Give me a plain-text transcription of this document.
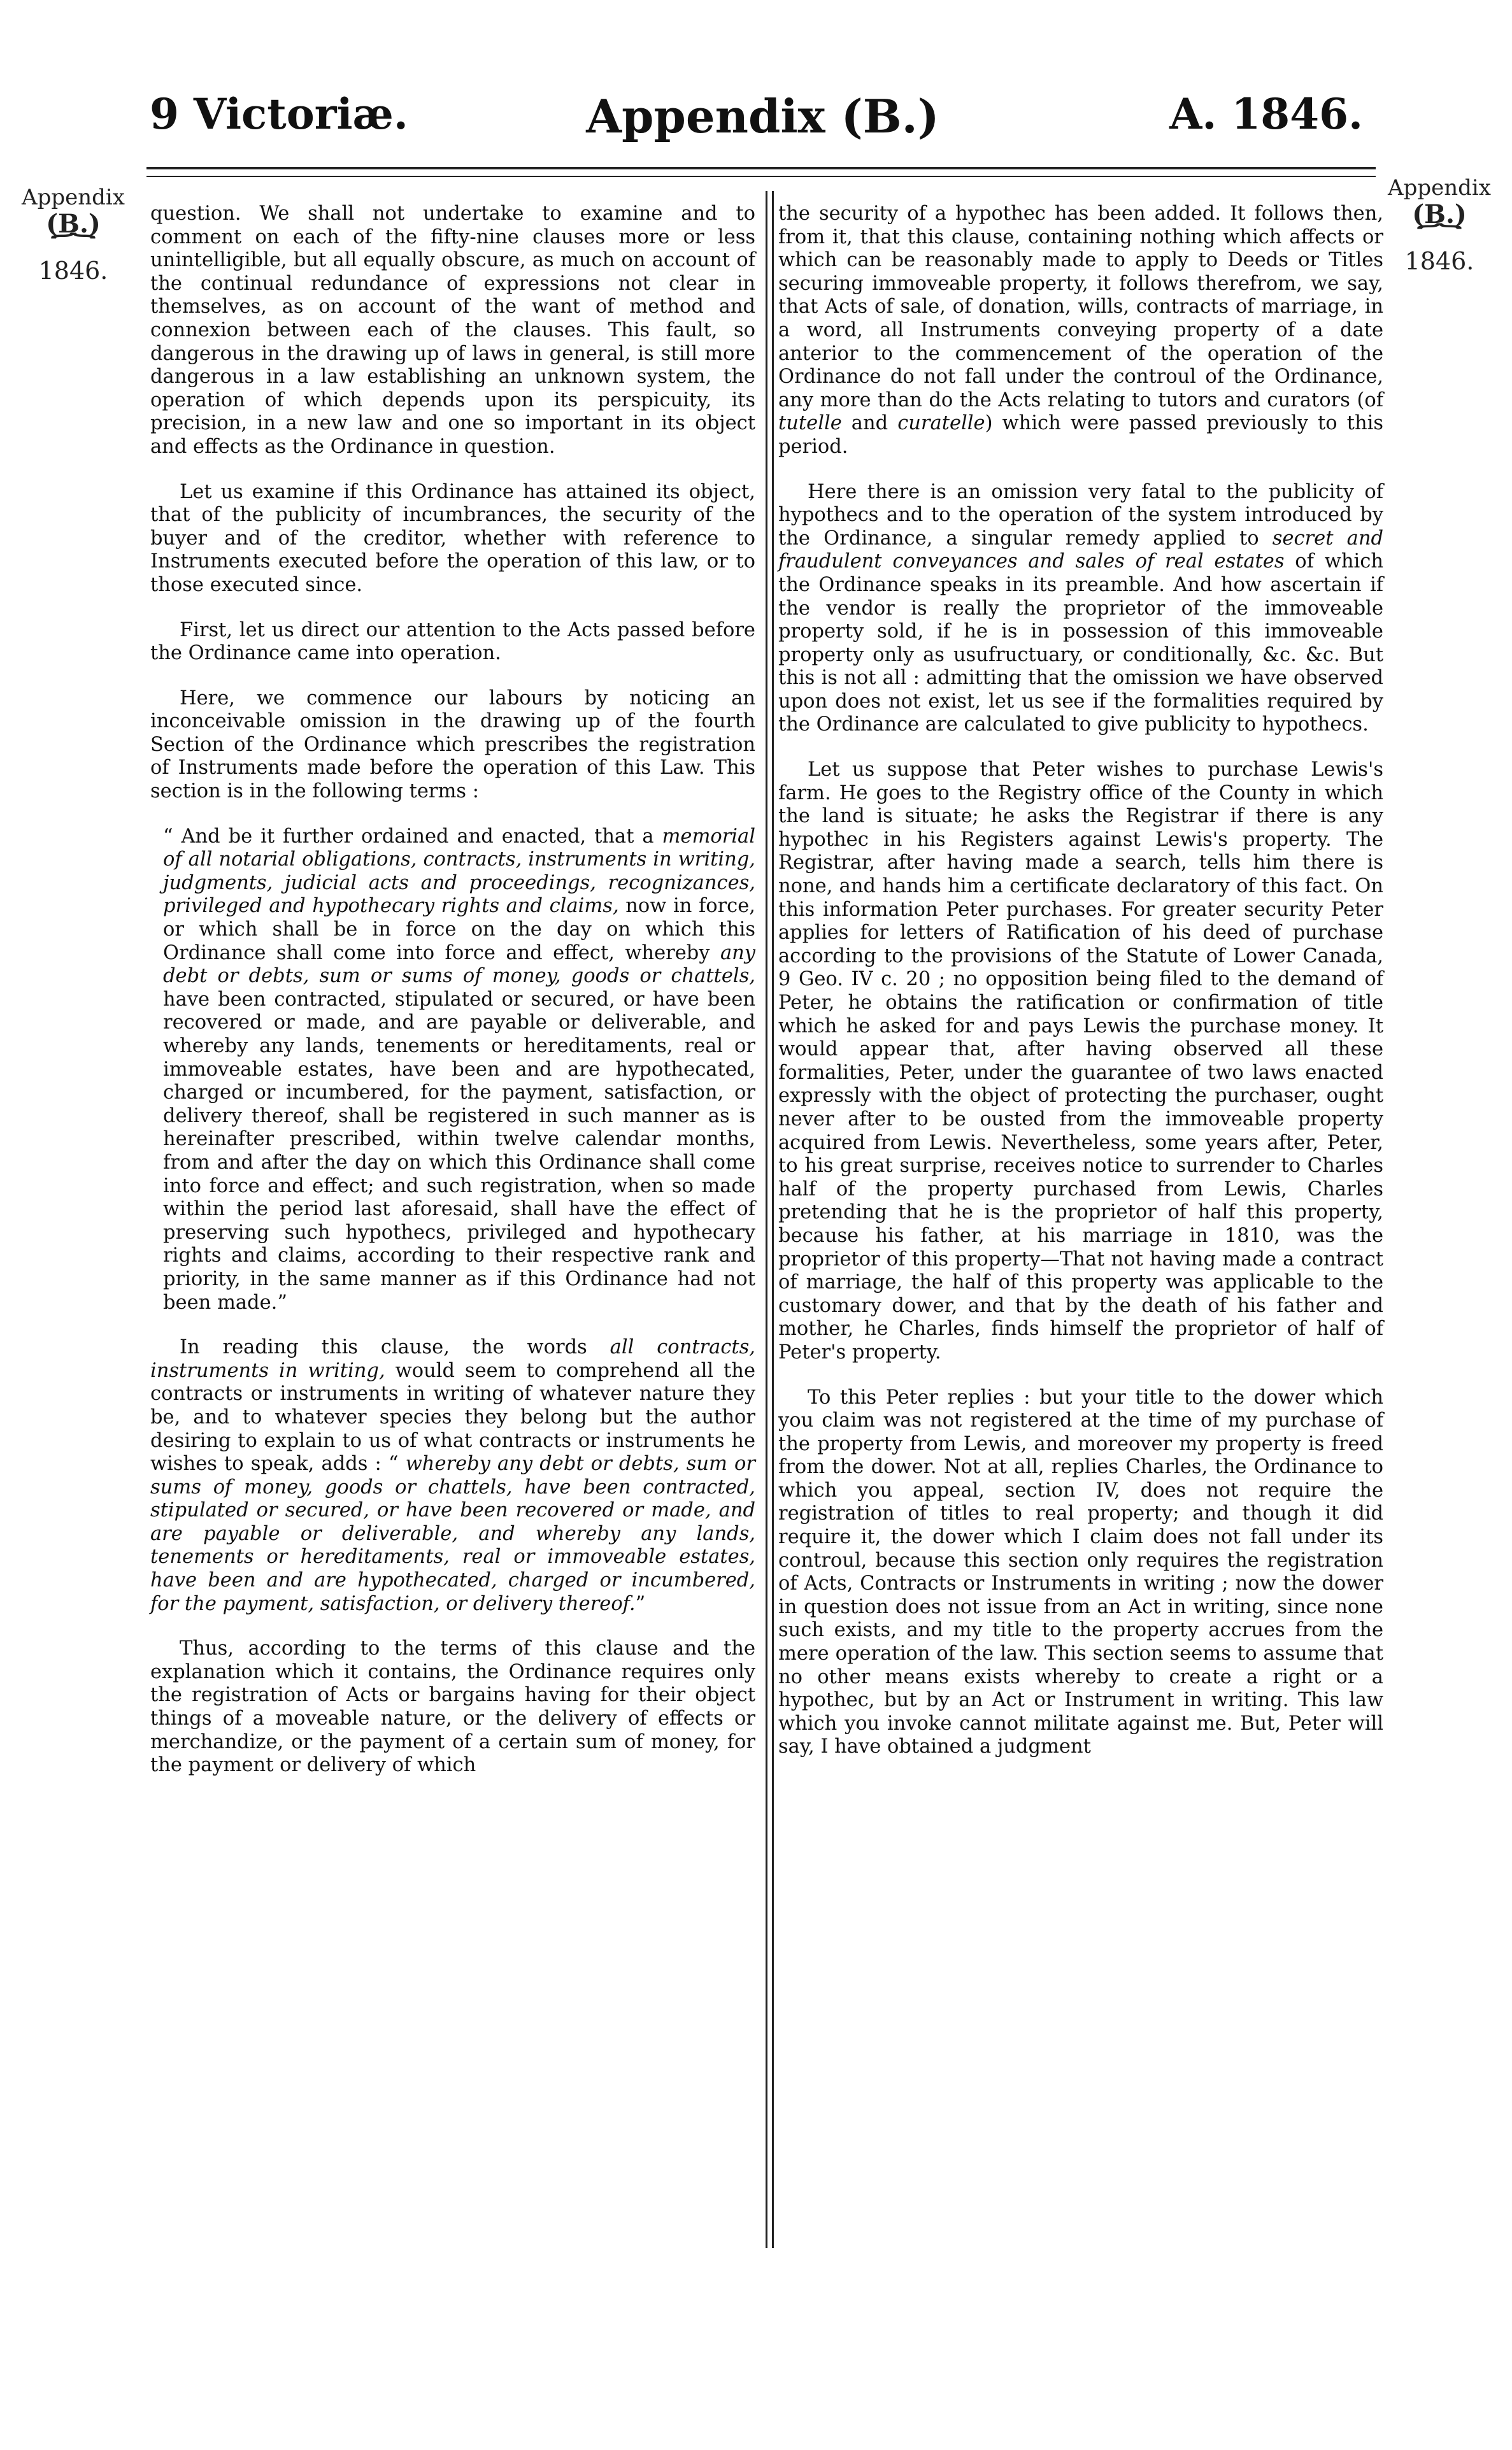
9 Victoriæ.	Appendix (B.)	A. 1846.
Appendix
(B.)
⏞
1846.
Appendix
(B.)
⏞
1846.

question. We shall not undertake to examine and to comment on each of the fifty-nine clauses more or less unintelligible, but all equally obscure, as much on account of the continual redundance of expressions not clear in themselves, as on account of the want of method and connexion between each of the clauses. This fault, so dangerous in the drawing up of laws in general, is still more dangerous in a law establishing an unknown system, the operation of which depends upon its perspicuity, its precision, in a new law and one so important in its object and effects as the Ordinance in question.

Let us examine if this Ordinance has attained its object, that of the publicity of incumbrances, the security of the buyer and of the creditor, whether with reference to Instruments executed before the operation of this law, or to those executed since.

First, let us direct our attention to the Acts passed before the Ordinance came into operation.

Here, we commence our labours by noticing an inconceivable omission in the drawing up of the fourth Section of the Ordinance which prescribes the registration of Instruments made before the operation of this Law. This section is in the following terms :

“ And be it further ordained and enacted, that a memorial of all notarial obligations, contracts, instruments in writing, judgments, judicial acts and proceedings, recognizances, privileged and hypothecary rights and claims, now in force, or which shall be in force on the day on which this Ordinance shall come into force and effect, whereby any debt or debts, sum or sums of money, goods or chattels, have been contracted, stipulated or secured, or have been recovered or made, and are payable or deliverable, and whereby any lands, tenements or hereditaments, real or immoveable estates, have been and are hypothecated, charged or incumbered, for the payment, satisfaction, or delivery thereof, shall be registered in such manner as is hereinafter prescribed, within twelve calendar months, from and after the day on which this Ordinance shall come into force and effect; and such registration, when so made within the period last aforesaid, shall have the effect of preserving such hypothecs, privileged and hypothecary rights and claims, according to their respective rank and priority, in the same manner as if this Ordinance had not been made.”

In reading this clause, the words all contracts, instruments in writing, would seem to comprehend all the contracts or instruments in writing of whatever nature they be, and to whatever species they belong but the author desiring to explain to us of what contracts or instruments he wishes to speak, adds : “ whereby any debt or debts, sum or sums of money, goods or chattels, have been contracted, stipulated or secured, or have been recovered or made, and are payable or deliverable, and whereby any lands, tenements or hereditaments, real or immoveable estates, have been and are hypothecated, charged or incumbered, for the payment, satisfaction, or delivery thereof.”

Thus, according to the terms of this clause and the explanation which it contains, the Ordinance requires only the registration of Acts or bargains having for their object things of a moveable nature, or the delivery of effects or merchandize, or the payment of a certain sum of money, for the payment or delivery of which

the security of a hypothec has been added. It follows then, from it, that this clause, containing nothing which affects or which can be reasonably made to apply to Deeds or Titles securing immoveable property, it follows therefrom, we say, that Acts of sale, of donation, wills, contracts of marriage, in a word, all Instruments conveying property of a date anterior to the commencement of the operation of the Ordinance do not fall under the controul of the Ordinance, any more than do the Acts relating to tutors and curators (of tutelle and curatelle) which were passed previously to this period.

Here there is an omission very fatal to the publicity of hypothecs and to the operation of the system introduced by the Ordinance, a singular remedy applied to secret and fraudulent conveyances and sales of real estates of which the Ordinance speaks in its preamble. And how ascertain if the vendor is really the proprietor of the immoveable property sold, if he is in possession of this immoveable property only as usufructuary, or conditionally, &c. &c. But this is not all : admitting that the omission we have observed upon does not exist, let us see if the formalities required by the Ordinance are calculated to give publicity to hypothecs.

Let us suppose that Peter wishes to purchase Lewis's farm. He goes to the Registry office of the County in which the land is situate; he asks the Registrar if there is any hypothec in his Registers against Lewis's property. The Registrar, after having made a search, tells him there is none, and hands him a certificate declaratory of this fact. On this information Peter purchases. For greater security Peter applies for letters of Ratification of his deed of purchase according to the provisions of the Statute of Lower Canada, 9 Geo. IV c. 20 ; no opposition being filed to the demand of Peter, he obtains the ratification or confirmation of title which he asked for and pays Lewis the purchase money. It would appear that, after having observed all these formalities, Peter, under the guarantee of two laws enacted expressly with the object of protecting the purchaser, ought never after to be ousted from the immoveable property acquired from Lewis. Nevertheless, some years after, Peter, to his great surprise, receives notice to surrender to Charles half of the property purchased from Lewis, Charles pretending that he is the proprietor of half this property, because his father, at his marriage in 1810, was the proprietor of this property—That not having made a contract of marriage, the half of this property was applicable to the customary dower, and that by the death of his father and mother, he Charles, finds himself the proprietor of half of Peter's property.

To this Peter replies : but your title to the dower which you claim was not registered at the time of my purchase of the property from Lewis, and moreover my property is freed from the dower. Not at all, replies Charles, the Ordinance to which you appeal, section IV, does not require the registration of titles to real property; and though it did require it, the dower which I claim does not fall under its controul, because this section only requires the registration of Acts, Contracts or Instruments in writing ; now the dower in question does not issue from an Act in writing, since none such exists, and my title to the property accrues from the mere operation of the law. This section seems to assume that no other means exists whereby to create a right or a hypothec, but by an Act or Instrument in writing. This law which you invoke cannot militate against me. But, Peter will say, I have obtained a judgment
